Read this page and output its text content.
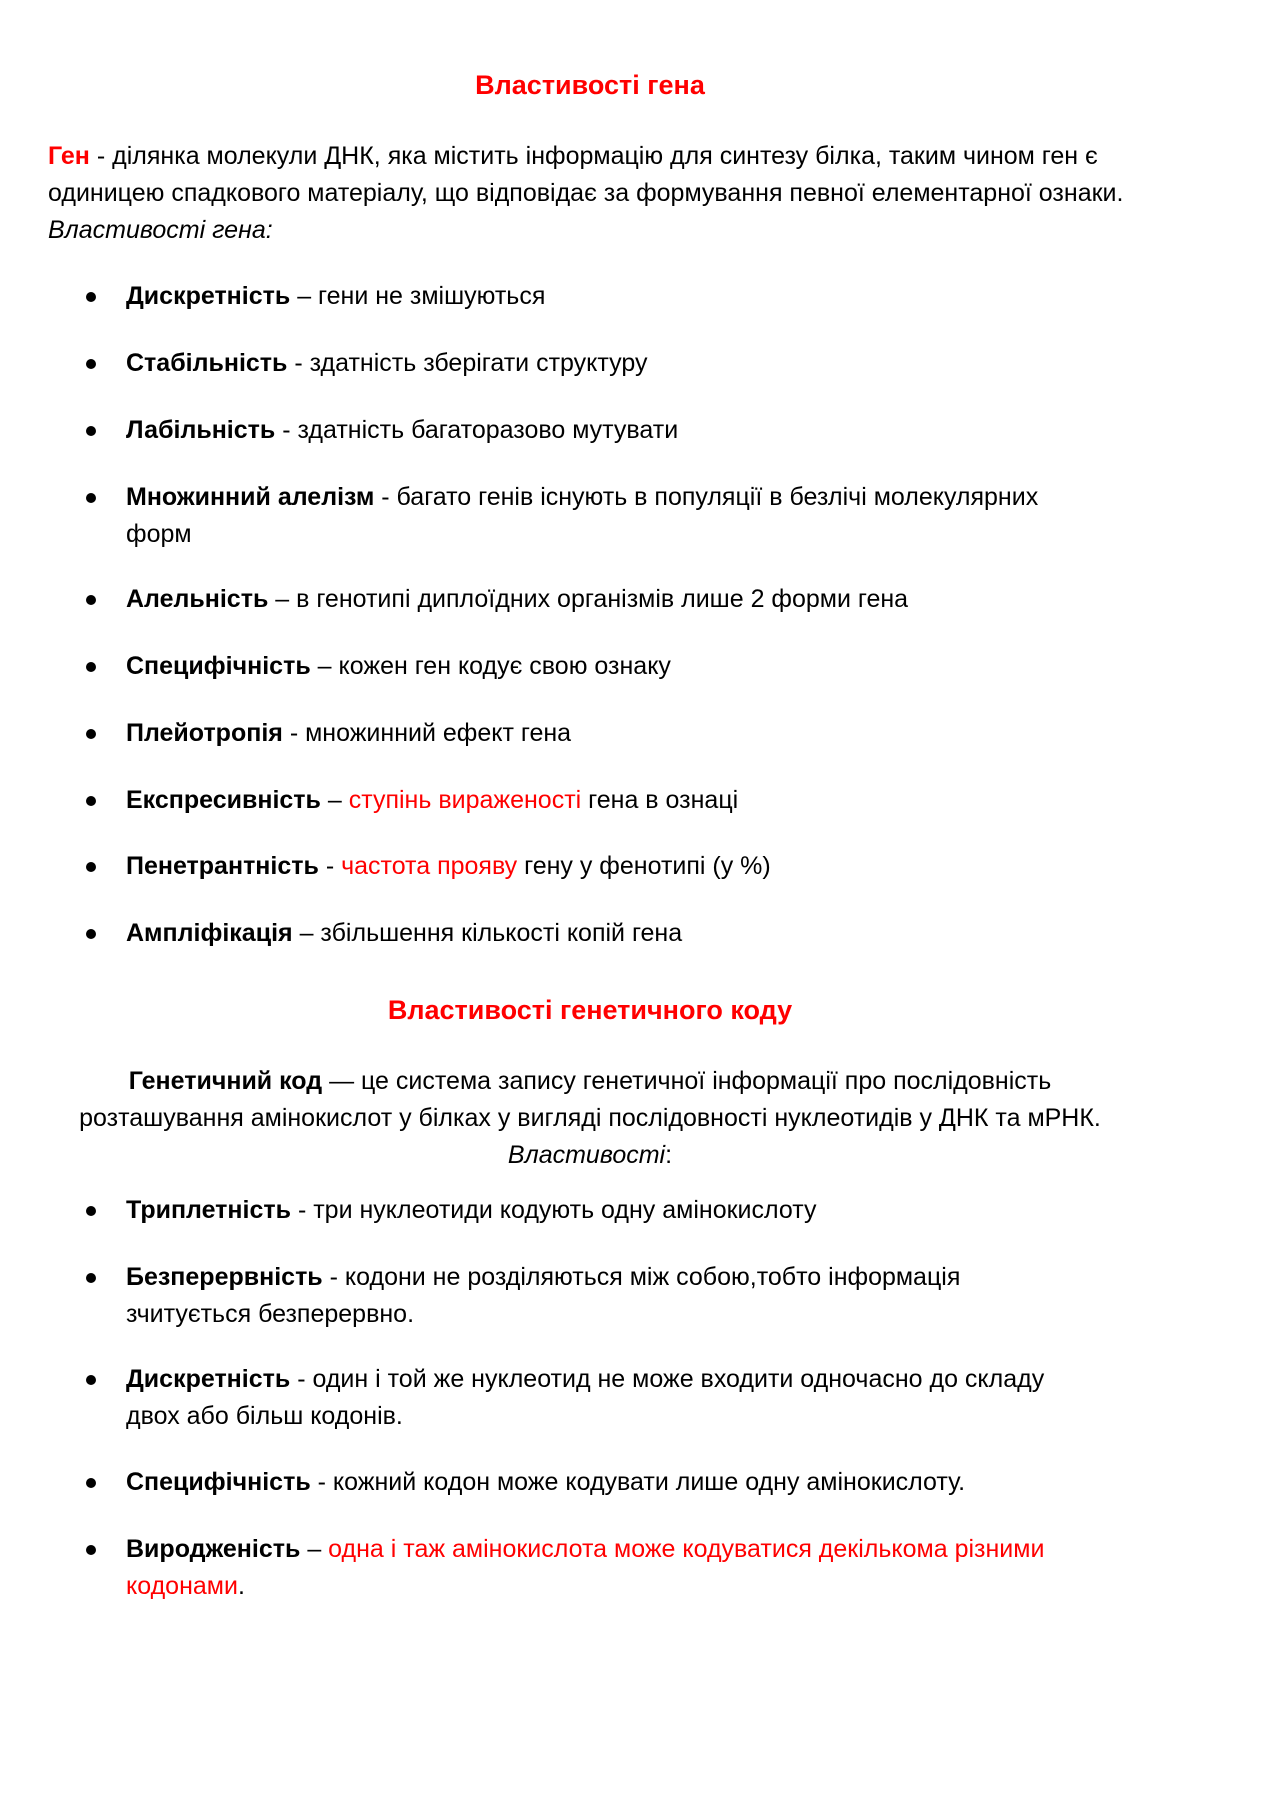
Властивості гена

Ген - ділянка молекули ДНК, яка містить інформацію для синтезу білка, таким чином ген є одиницею спадкового матеріалу, що відповідає за формування певної елементарної ознаки. Властивості гена:

Дискретність – гени не змішуються
Стабільність - здатність зберігати структуру
Лабільність - здатність багаторазово мутувати
Множинний алелізм - багато генів існують в популяції в безлічі молекулярних форм
Алельність – в генотипі диплоїдних організмів лише 2 форми гена
Специфічність – кожен ген кодує свою ознаку
Плейотропія - множинний ефект гена
Експресивність – ступінь вираженості гена в ознаці
Пенетрантність - частота прояву гену у фенотипі (у %)
Ампліфікація – збільшення кількості копій гена
Властивості генетичного коду

Генетичний код — це система запису генетичної інформації про послідовність розташування амінокислот у білках у вигляді послідовності нуклеотидів у ДНК та мРНК. Властивості:

Триплетність - три нуклеотиди кодують одну амінокислоту
Безперервність - кодони не розділяються між собою,тобто інформація зчитується безперервно.
Дискретність - один і той же нуклеотид не може входити одночасно до складу двох або більш кодонів.
Специфічність - кожний кодон може кодувати лише одну амінокислоту.
Виродженість – одна і таж амінокислота може кодуватися декількома різними кодонами.
